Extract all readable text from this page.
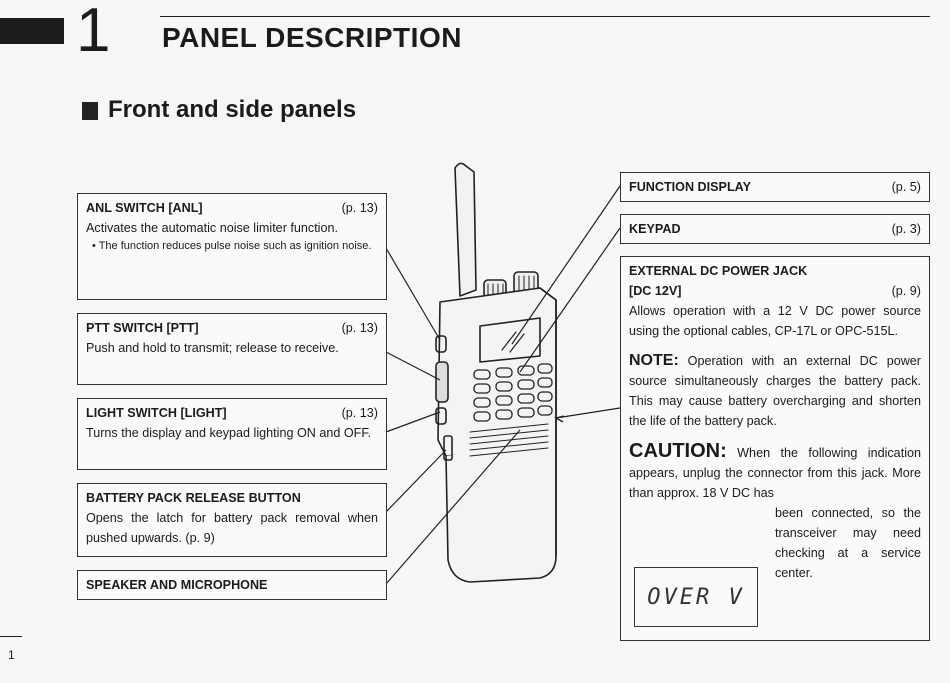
1 PANEL DESCRIPTION
Front and side panels
ANL SWITCH [ANL]	(p. 13)
Activates the automatic noise limiter function.
• The function reduces pulse noise such as ignition noise.
PTT SWITCH [PTT]	(p. 13)
Push and hold to transmit; release to receive.
LIGHT SWITCH [LIGHT]	(p. 13)
Turns the display and keypad lighting ON and OFF.
BATTERY PACK RELEASE BUTTON
Opens the latch for battery pack removal when pushed upwards. (p. 9)
SPEAKER AND MICROPHONE
FUNCTION DISPLAY	(p. 5)
KEYPAD	(p. 3)
EXTERNAL DC POWER JACK
[DC 12V]	(p. 9)
Allows operation with a 12 V DC power source using the optional cables, CP-17L or OPC-515L.
NOTE: Operation with an external DC power source simultaneously charges the battery pack. This may cause battery overcharging and shorten the life of the battery pack.
CAUTION: When the following indication appears, unplug the connector from this jack. More than approx. 18 V DC has
been connected, so the transceiver may need checking at a service center.
OVER V
1
